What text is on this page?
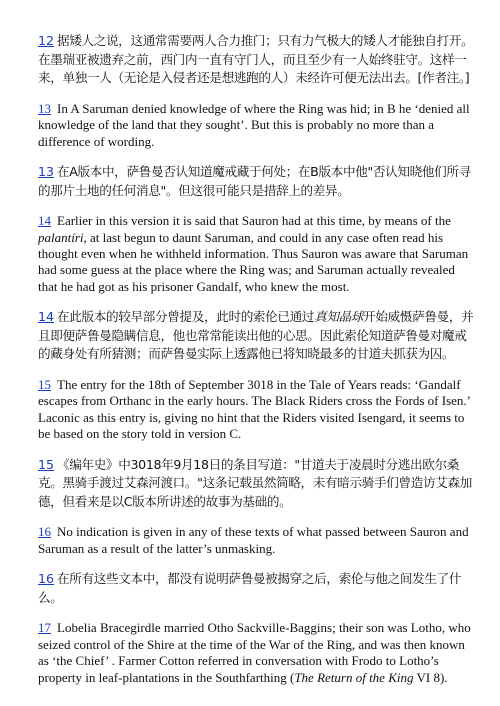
12 据矮人之说，这通常需要两人合力推门；只有力气极大的矮人才能独自打开。在墨瑞亚被遗弃之前，西门内一直有守门人，而且至少有一人始终驻守。这样一来，单独一人（无论是入侵者还是想逃跑的人）未经许可便无法出去。[作者注。]

13 In A Saruman denied knowledge of where the Ring was hid; in B he ‘denied all knowledge of the land that they sought’. But this is probably no more than a difference of wording.

13 在A版本中，萨鲁曼否认知道魔戒藏于何处；在B版本中他"否认知晓他们所寻的那片土地的任何消息"。但这很可能只是措辞上的差异。

14 Earlier in this version it is said that Sauron had at this time, by means of the palantíri, at last begun to daunt Saruman, and could in any case often read his thought even when he withheld information. Thus Sauron was aware that Saruman had some guess at the place where the Ring was; and Saruman actually revealed that he had got as his prisoner Gandalf, who knew the most.

14 在此版本的较早部分曾提及，此时的索伦已通过真知晶球开始威慑萨鲁曼，并且即便萨鲁曼隐瞒信息，他也常常能读出他的心思。因此索伦知道萨鲁曼对魔戒的藏身处有所猜测；而萨鲁曼实际上透露他已将知晓最多的甘道夫抓获为囚。

15 The entry for the 18th of September 3018 in the Tale of Years reads: ‘Gandalf escapes from Orthanc in the early hours. The Black Riders cross the Fords of Isen.’ Laconic as this entry is, giving no hint that the Riders visited Isengard, it seems to be based on the story told in version C.

15 《编年史》中3018年9月18日的条目写道："甘道夫于凌晨时分逃出欧尔桑克。黑骑手渡过艾森河渡口。"这条记载虽然简略，未有暗示骑手们曾造访艾森加德，但看来是以C版本所讲述的故事为基础的。

16 No indication is given in any of these texts of what passed between Sauron and Saruman as a result of the latter’s unmasking.

16 在所有这些文本中，都没有说明萨鲁曼被揭穿之后，索伦与他之间发生了什么。

17 Lobelia Bracegirdle married Otho Sackville-Baggins; their son was Lotho, who seized control of the Shire at the time of the War of the Ring, and was then known as ‘the Chief’ . Farmer Cotton referred in conversation with Frodo to Lotho’s property in leaf-plantations in the Southfarthing (The Return of the King VI 8).
